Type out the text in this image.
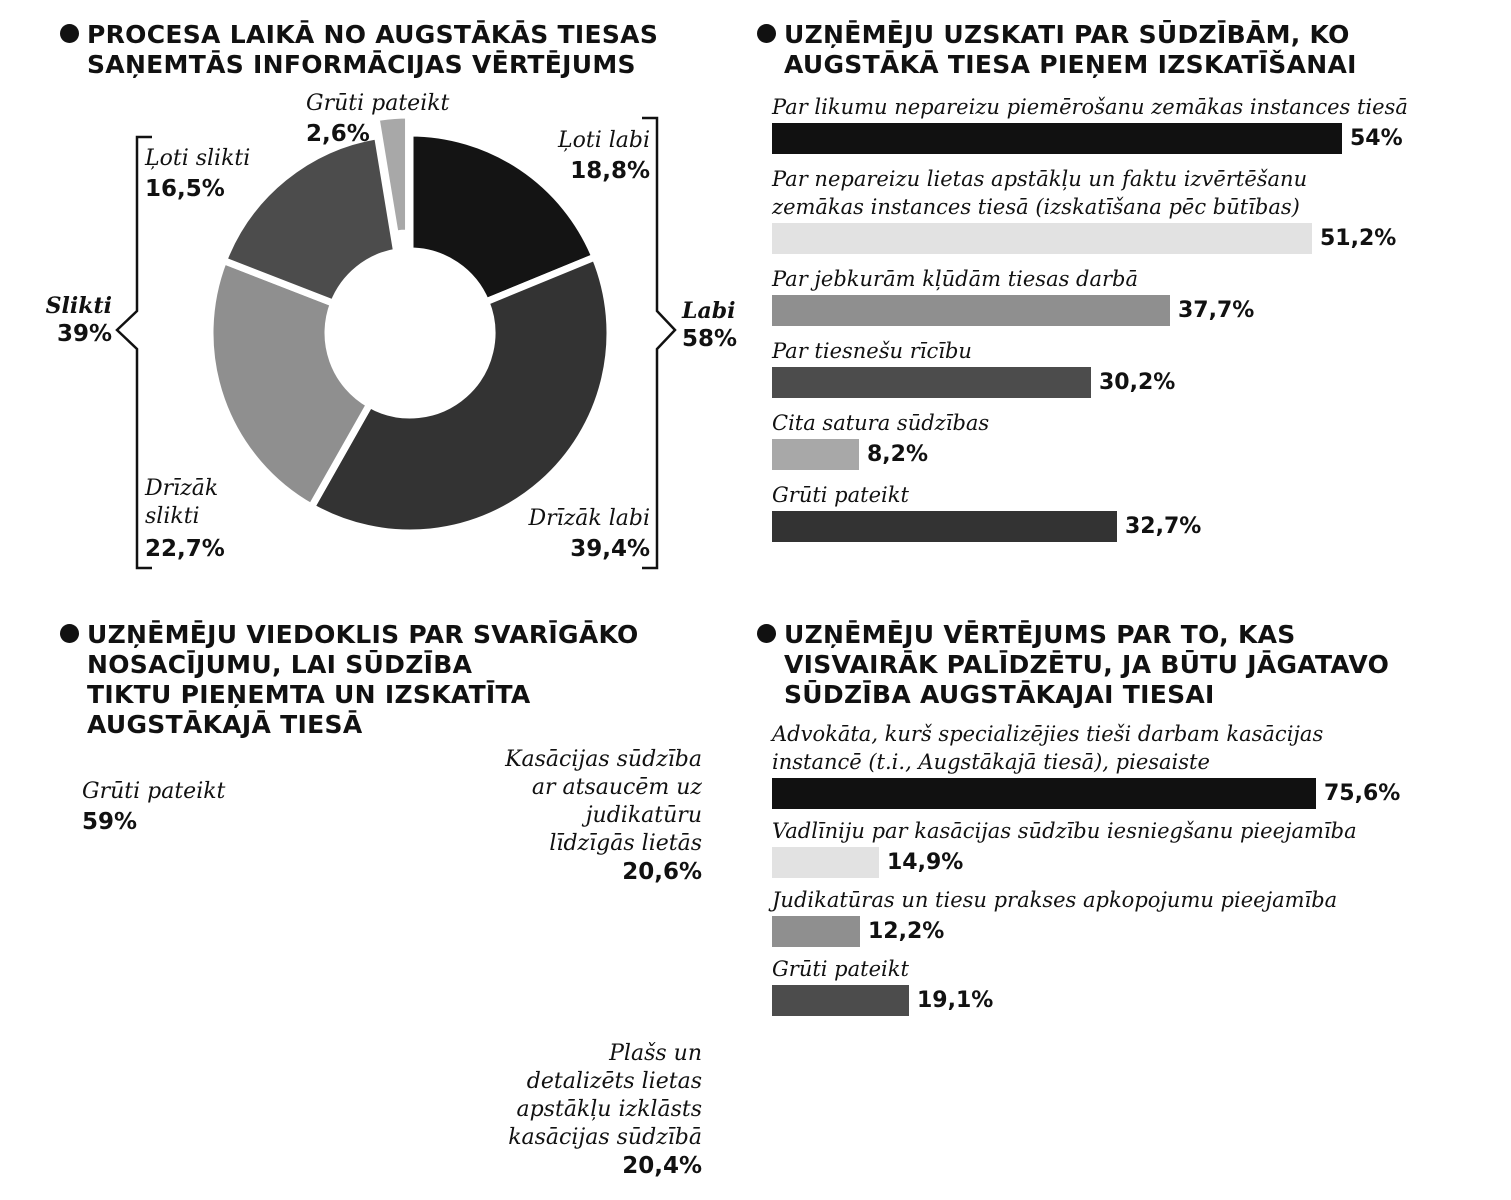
PROCESA LAIKĀ NO AUGSTĀKĀS TIESAS
SAŅEMTĀS INFORMĀCIJAS VĒRTĒJUMS
Grūti pateikt
2,6%	Ļoti labi
18,8%
Ļoti slikti
16,5%
Drīzāk slikti
22,7%
Drīzāk labi
39,4%
Slikti
39%
Labi
58%
UZŅĒMĒJU UZSKATI PAR SŪDZĪBĀM, KO
AUGSTĀKĀ TIESA PIEŅEM IZSKATĪŠANAI
Par likumu nepareizu piemērošanu zemākas instances tiesā
54%
Par nepareizu lietas apstākļu un faktu izvērtēšanu
zemākas instances tiesā (izskatīšana pēc būtības)
51,2%
Par jebkurām kļūdām tiesas darbā
37,7%
Par tiesnešu rīcību
30,2%
Cita satura sūdzības
8,2%
Grūti pateikt
32,7%
UZŅĒMĒJU VIEDOKLIS PAR SVARĪGĀKO
NOSACĪJUMU, LAI SŪDZĪBA
TIKTU PIEŅEMTA UN IZSKATĪTA
AUGSTĀKAJĀ TIESĀ
Grūti pateikt
59%
Kasācijas sūdzība
ar atsaucēm uz
judikatūru
līdzīgās lietās
20,6%
Plašs un
detalizēts lietas
apstākļu izklāsts
kasācijas sūdzībā
20,4%
UZŅĒMĒJU VĒRTĒJUMS PAR TO, KAS
VISVAIRĀK PALĪDZĒTU, JA BŪTU JĀGATAVO
SŪDZĪBA AUGSTĀKAJAI TIESAI
Advokāta, kurš specializējies tieši darbam kasācijas
instancē (t.i., Augstākajā tiesā), piesaiste
75,6%
Vadlīniju par kasācijas sūdzību iesniegšanu pieejamība
14,9%
Judikatūras un tiesu prakses apkopojumu pieejamība
12,2%
Grūti pateikt
19,1%
